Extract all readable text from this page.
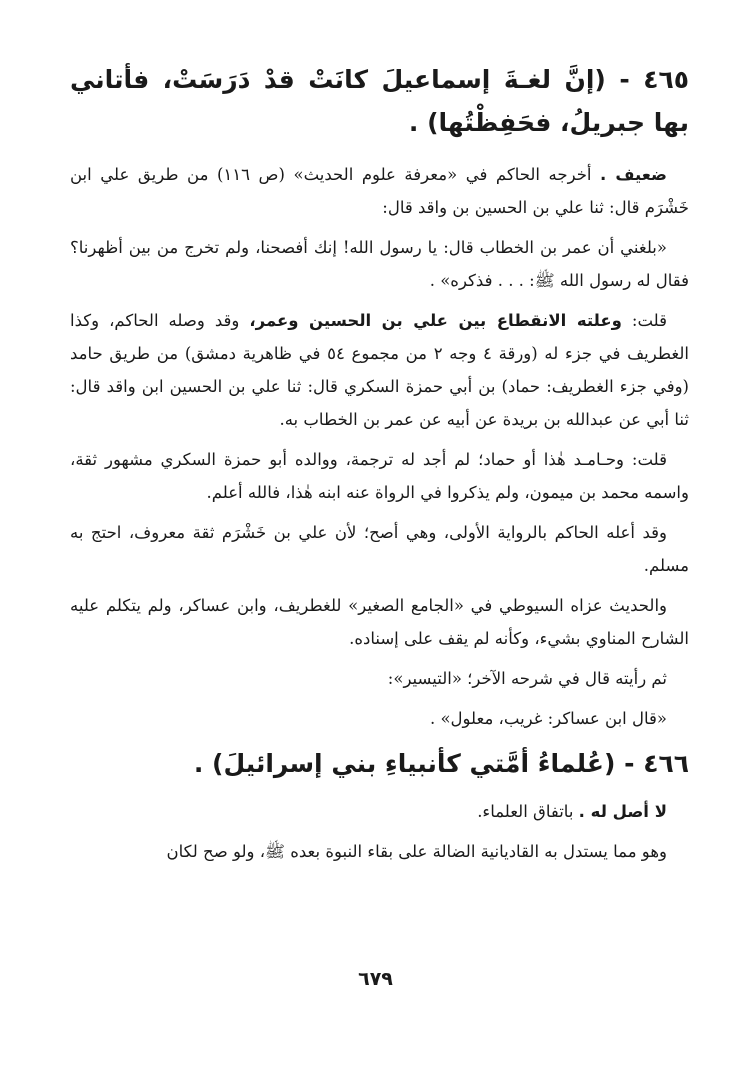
٤٦٥ - (إنَّ لغـةَ إسماعيلَ كانَتْ قدْ دَرَسَتْ، فأتاني بها جبريلُ، فحَفِظْتُها) .

ضعيف . أخرجه الحاكم في «معرفة علوم الحديث» (ص ١١٦) من طريق علي ابن خَشْرَم قال: ثنا علي بن الحسين بن واقد قال:

«بلغني أن عمر بن الخطاب قال: يا رسول الله! إنك أفصحنا، ولم تخرج من بين أظهرنا؟ فقال له رسول الله ﷺ: . . . فذكره» .

قلت: وعلته الانقطاع بين علي بن الحسين وعمر، وقد وصله الحاكم، وكذا الغطريف في جزء له (ورقة ٤ وجه ٢ من مجموع ٥٤ في ظاهرية دمشق) من طريق حامد (وفي جزء الغطريف: حماد) بن أبي حمزة السكري قال: ثنا علي بن الحسين ابن واقد قال: ثنا أبي عن عبدالله بن بريدة عن أبيه عن عمر بن الخطاب به.

قلت: وحـامـد هٰذا أو حماد؛ لم أجد له ترجمة، ووالده أبو حمزة السكري مشهور ثقة، واسمه محمد بن ميمون، ولم يذكروا في الرواة عنه ابنه هٰذا، فالله أعلم.

وقد أعله الحاكم بالرواية الأولى، وهي أصح؛ لأن علي بن خَشْرَم ثقة معروف، احتج به مسلم.

والحديث عزاه السيوطي في «الجامع الصغير» للغطريف، وابن عساكر، ولم يتكلم عليه الشارح المناوي بشيء، وكأنه لم يقف على إسناده.

ثم رأيته قال في شرحه الآخر؛ «التيسير»:

«قال ابن عساكر: غريب، معلول» .

٤٦٦ - (عُلماءُ أمَّتي كأنبياءِ بني إسرائيلَ) .

لا أصل له . باتفاق العلماء.

وهو مما يستدل به القاديانية الضالة على بقاء النبوة بعده ﷺ، ولو صح لكان

٦٧٩
